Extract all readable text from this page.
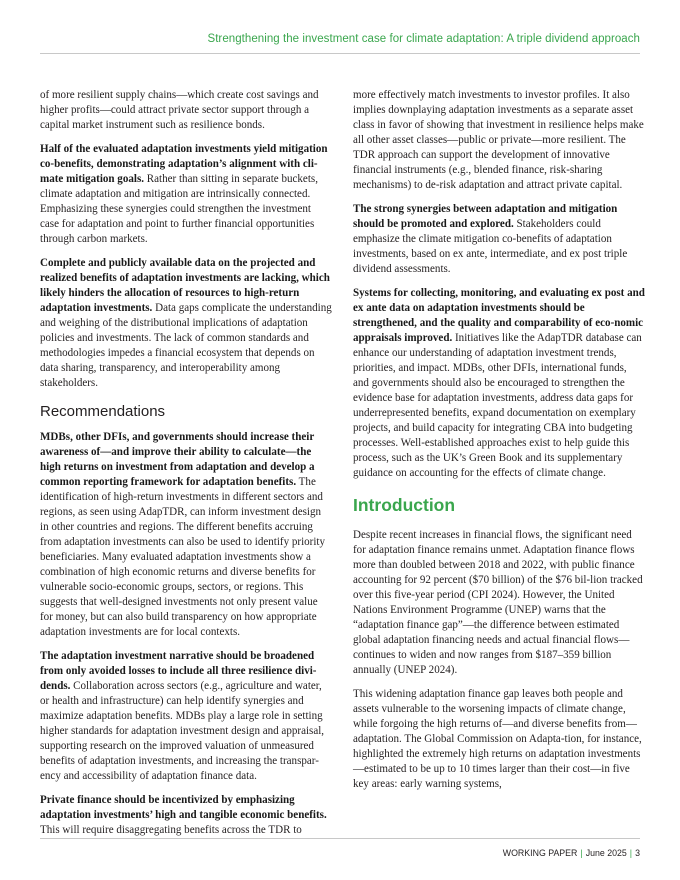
Strengthening the investment case for climate adaptation: A triple dividend approach

of more resilient supply chains—which create cost savings and higher profits—could attract private sector support through a capital market instrument such as resilience bonds.

Half of the evaluated adaptation investments yield mitigation co-benefits, demonstrating adaptation’s alignment with cli-mate mitigation goals. Rather than sitting in separate buckets, climate adaptation and mitigation are intrinsically connected. Emphasizing these synergies could strengthen the investment case for adaptation and point to further financial opportunities through carbon markets.

Complete and publicly available data on the projected and realized benefits of adaptation investments are lacking, which likely hinders the allocation of resources to high-return adaptation investments. Data gaps complicate the understanding and weighing of the distributional implications of adaptation policies and investments. The lack of common standards and methodologies impedes a financial ecosystem that depends on data sharing, transparency, and interoperability among stakeholders.

Recommendations

MDBs, other DFIs, and governments should increase their awareness of—and improve their ability to calculate—the high returns on investment from adaptation and develop a common reporting framework for adaptation benefits. The identification of high-return investments in different sectors and regions, as seen using AdapTDR, can inform investment design in other countries and regions. The different benefits accruing from adaptation investments can also be used to identify priority beneficiaries. Many evaluated adaptation investments show a combination of high economic returns and diverse benefits for vulnerable socio-economic groups, sectors, or regions. This suggests that well-designed investments not only present value for money, but can also build transparency on how appropriate adaptation investments are for local contexts.

The adaptation investment narrative should be broadened from only avoided losses to include all three resilience divi-dends. Collaboration across sectors (e.g., agriculture and water, or health and infrastructure) can help identify synergies and maximize adaptation benefits. MDBs play a large role in setting higher standards for adaptation investment design and appraisal, supporting research on the improved valuation of unmeasured benefits of adaptation investments, and increasing the transpar-ency and accessibility of adaptation finance data.

Private finance should be incentivized by emphasizing adaptation investments’ high and tangible economic benefits. This will require disaggregating benefits across the TDR to

more effectively match investments to investor profiles. It also implies downplaying adaptation investments as a separate asset class in favor of showing that investment in resilience helps make all other asset classes—public or private—more resilient. The TDR approach can support the development of innovative financial instruments (e.g., blended finance, risk-sharing mechanisms) to de-risk adaptation and attract private capital.

The strong synergies between adaptation and mitigation should be promoted and explored. Stakeholders could emphasize the climate mitigation co-benefits of adaptation investments, based on ex ante, intermediate, and ex post triple dividend assessments.

Systems for collecting, monitoring, and evaluating ex post and ex ante data on adaptation investments should be strengthened, and the quality and comparability of eco-nomic appraisals improved. Initiatives like the AdapTDR database can enhance our understanding of adaptation investment trends, priorities, and impact. MDBs, other DFIs, international funds, and governments should also be encouraged to strengthen the evidence base for adaptation investments, address data gaps for underrepresented benefits, expand documentation on exemplary projects, and build capacity for integrating CBA into budgeting processes. Well-established approaches exist to help guide this process, such as the UK’s Green Book and its supplementary guidance on accounting for the effects of climate change.

Introduction

Despite recent increases in financial flows, the significant need for adaptation finance remains unmet. Adaptation finance flows more than doubled between 2018 and 2022, with public finance accounting for 92 percent ($70 billion) of the $76 bil-lion tracked over this five-year period (CPI 2024). However, the United Nations Environment Programme (UNEP) warns that the “adaptation finance gap”—the difference between estimated global adaptation financing needs and actual financial flows—continues to widen and now ranges from $187–359 billion annually (UNEP 2024).

This widening adaptation finance gap leaves both people and assets vulnerable to the worsening impacts of climate change, while forgoing the high returns of—and diverse benefits from—adaptation. The Global Commission on Adapta-tion, for instance, highlighted the extremely high returns on adaptation investments—estimated to be up to 10 times larger than their cost—in five key areas: early warning systems,

WORKING PAPER | June 2025 | 3
